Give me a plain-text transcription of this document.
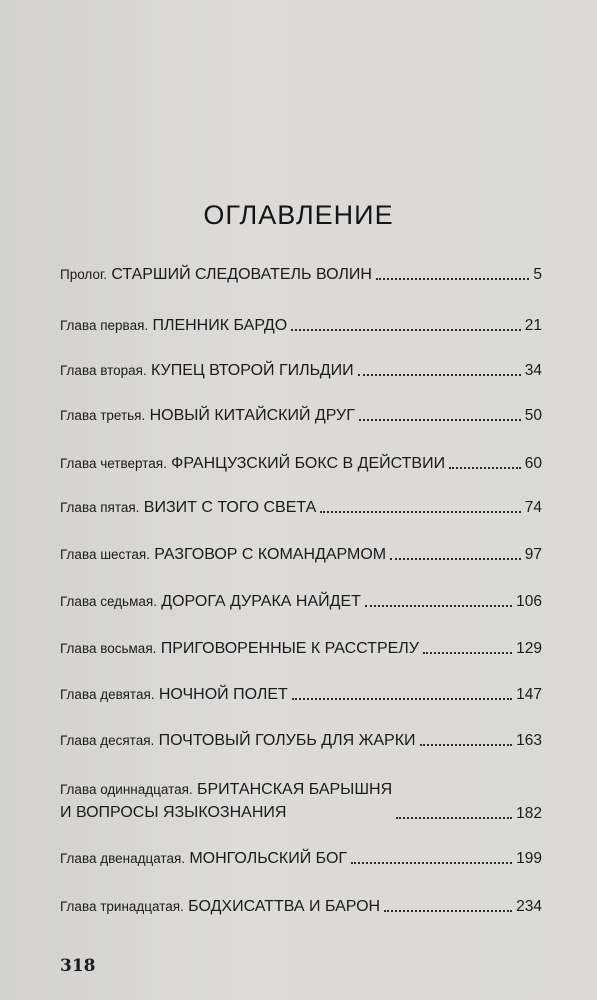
ОГЛАВЛЕНИЕ
Пролог. СТАРШИЙ СЛЕДОВАТЕЛЬ ВОЛИН	5
Глава первая. ПЛЕННИК БАРДО	21
Глава вторая. КУПЕЦ ВТОРОЙ ГИЛЬДИИ	34
Глава третья. НОВЫЙ КИТАЙСКИЙ ДРУГ	50
Глава четвертая. ФРАНЦУЗСКИЙ БОКС В ДЕЙСТВИИ	60
Глава пятая. ВИЗИТ С ТОГО СВЕТА	74
Глава шестая. РАЗГОВОР С КОМАНДАРМОМ	97
Глава седьмая. ДОРОГА ДУРАКА НАЙДЕТ	106
Глава восьмая. ПРИГОВОРЕННЫЕ К РАССТРЕЛУ	129
Глава девятая. НОЧНОЙ ПОЛЕТ	147
Глава десятая. ПОЧТОВЫЙ ГОЛУБЬ ДЛЯ ЖАРКИ	163
Глава одиннадцатая. БРИТАНСКАЯ БАРЫШНЯ
И ВОПРОСЫ ЯЗЫКОЗНАНИЯ	182
Глава двенадцатая. МОНГОЛЬСКИЙ БОГ	199
Глава тринадцатая. БОДХИСАТТВА И БАРОН	234
318
